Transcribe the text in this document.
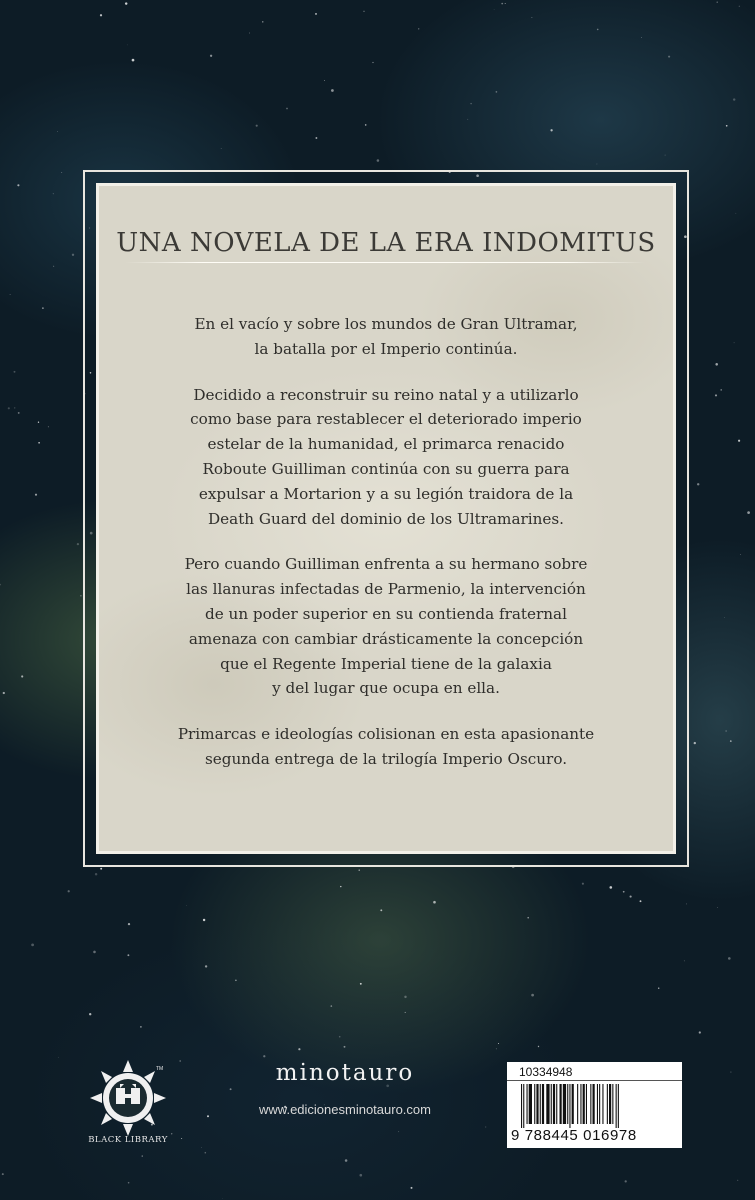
UNA NOVELA DE LA ERA INDOMITUS

En el vacío y sobre los mundos de Gran Ultramar,
la batalla por el Imperio continúa.

Decidido a reconstruir su reino natal y a utilizarlo
como base para restablecer el deteriorado imperio
estelar de la humanidad, el primarca renacido
Roboute Guilliman continúa con su guerra para
expulsar a Mortarion y a su legión traidora de la
Death Guard del dominio de los Ultramarines.

Pero cuando Guilliman enfrenta a su hermano sobre
las llanuras infectadas de Parmenio, la intervención
de un poder superior en su contienda fraternal
amenaza con cambiar drásticamente la concepción
que el Regente Imperial tiene de la galaxia
y del lugar que ocupa en ella.

Primarcas e ideologías colisionan en esta apasionante
segunda entrega de la trilogía Imperio Oscuro.

TM
BLACK LIBRARY
minotauro
www.edicionesminotauro.com
10334948
9 788445 016978
